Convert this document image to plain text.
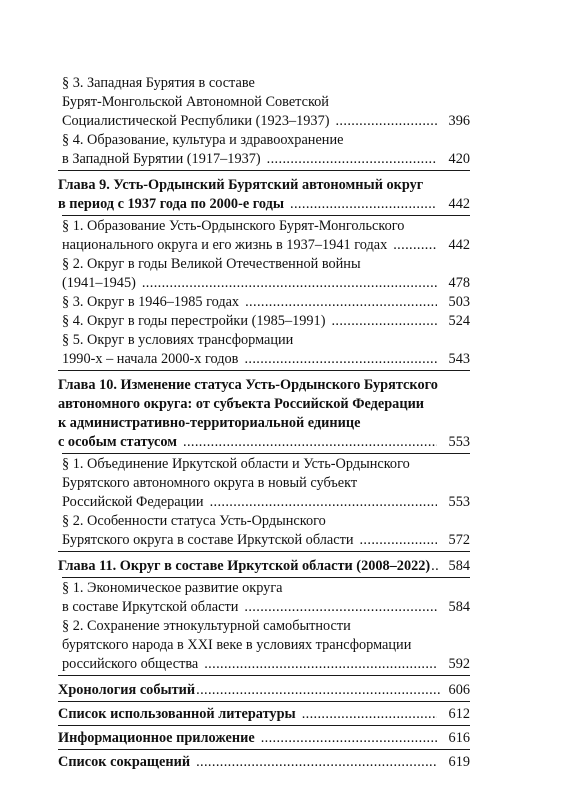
§ 3. Западная Бурятия в составе
Бурят-Монгольской Автономной Советской
Социалистической Республики (1923–1937) . . .	396
§ 4. Образование, культура и здравоохранение
в Западной Бурятии (1917–1937) . . .	420
Глава 9. Усть-Ордынский Бурятский автономный округ
в период с 1937 года по 2000-е годы . . .	442
§ 1. Образование Усть-Ордынского Бурят-Монгольского
национального округа и его жизнь в 1937–1941 годах . . .	442
§ 2. Округ в годы Великой Отечественной войны
(1941–1945) . . .	478
§ 3. Округ в 1946–1985 годах . . .	503
§ 4. Округ в годы перестройки (1985–1991) . . .	524
§ 5. Округ в условиях трансформации
1990-х – начала 2000-х годов . . .	543
Глава 10. Изменение статуса Усть-Ордынского Бурятского
автономного округа: от субъекта Российской Федерации
к административно-территориальной единице
с особым статусом . . .	553
§ 1. Объединение Иркутской области и Усть-Ордынского
Бурятского автономного округа в новый субъект
Российской Федерации . . .	553
§ 2. Особенности статуса Усть-Ордынского
Бурятского округа в составе Иркутской области . . .	572
Глава 11. Округ в составе Иркутской области (2008–2022) . . .	584
§ 1. Экономическое развитие округа
в составе Иркутской области . . .	584
§ 2. Сохранение этнокультурной самобытности
бурятского народа в XXI веке в условиях трансформации
российского общества . . .	592
Хронология событий . . .	606
Список использованной литературы . . .	612
Информационное приложение . . .	616
Список сокращений . . .	619
